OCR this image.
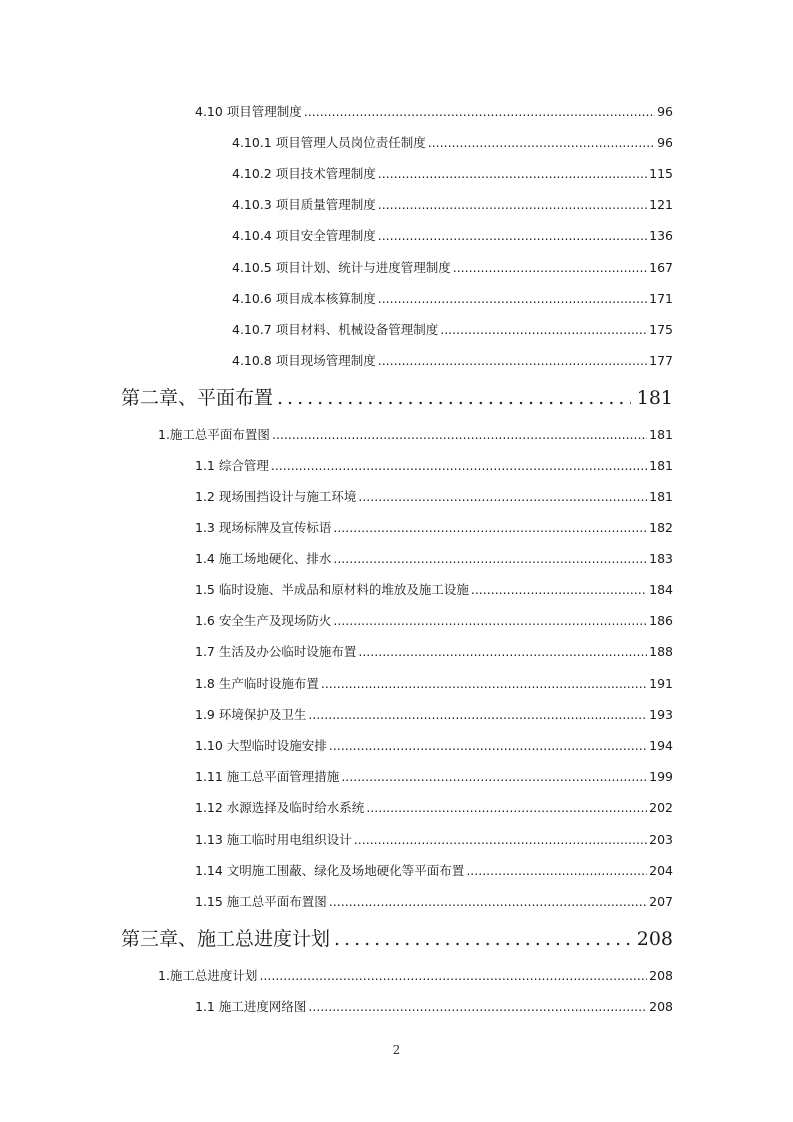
4.10 项目管理制度 .....	96
4.10.1 项目管理人员岗位责任制度 .....	96
4.10.2 项目技术管理制度 .....	115
4.10.3 项目质量管理制度 .....	121
4.10.4 项目安全管理制度 .....	136
4.10.5 项目计划、统计与进度管理制度 .....	167
4.10.6 项目成本核算制度 .....	171
4.10.7 项目材料、机械设备管理制度 .....	175
4.10.8 项目现场管理制度 .....	177
第二章、平面布置 .....	181
1.施工总平面布置图 .....	181
1.1 综合管理 .....	181
1.2 现场围挡设计与施工环境 .....	181
1.3 现场标牌及宣传标语 .....	182
1.4 施工场地硬化、排水 .....	183
1.5 临时设施、半成品和原材料的堆放及施工设施 .....	184
1.6 安全生产及现场防火 .....	186
1.7 生活及办公临时设施布置 .....	188
1.8 生产临时设施布置 .....	191
1.9 环境保护及卫生 .....	193
1.10 大型临时设施安排 .....	194
1.11 施工总平面管理措施 .....	199
1.12 水源选择及临时给水系统 .....	202
1.13 施工临时用电组织设计 .....	203
1.14 文明施工围蔽、绿化及场地硬化等平面布置 .....	204
1.15 施工总平面布置图 .....	207
第三章、施工总进度计划 .....	208
1.施工总进度计划 .....	208
1.1 施工进度网络图 .....	208
2
